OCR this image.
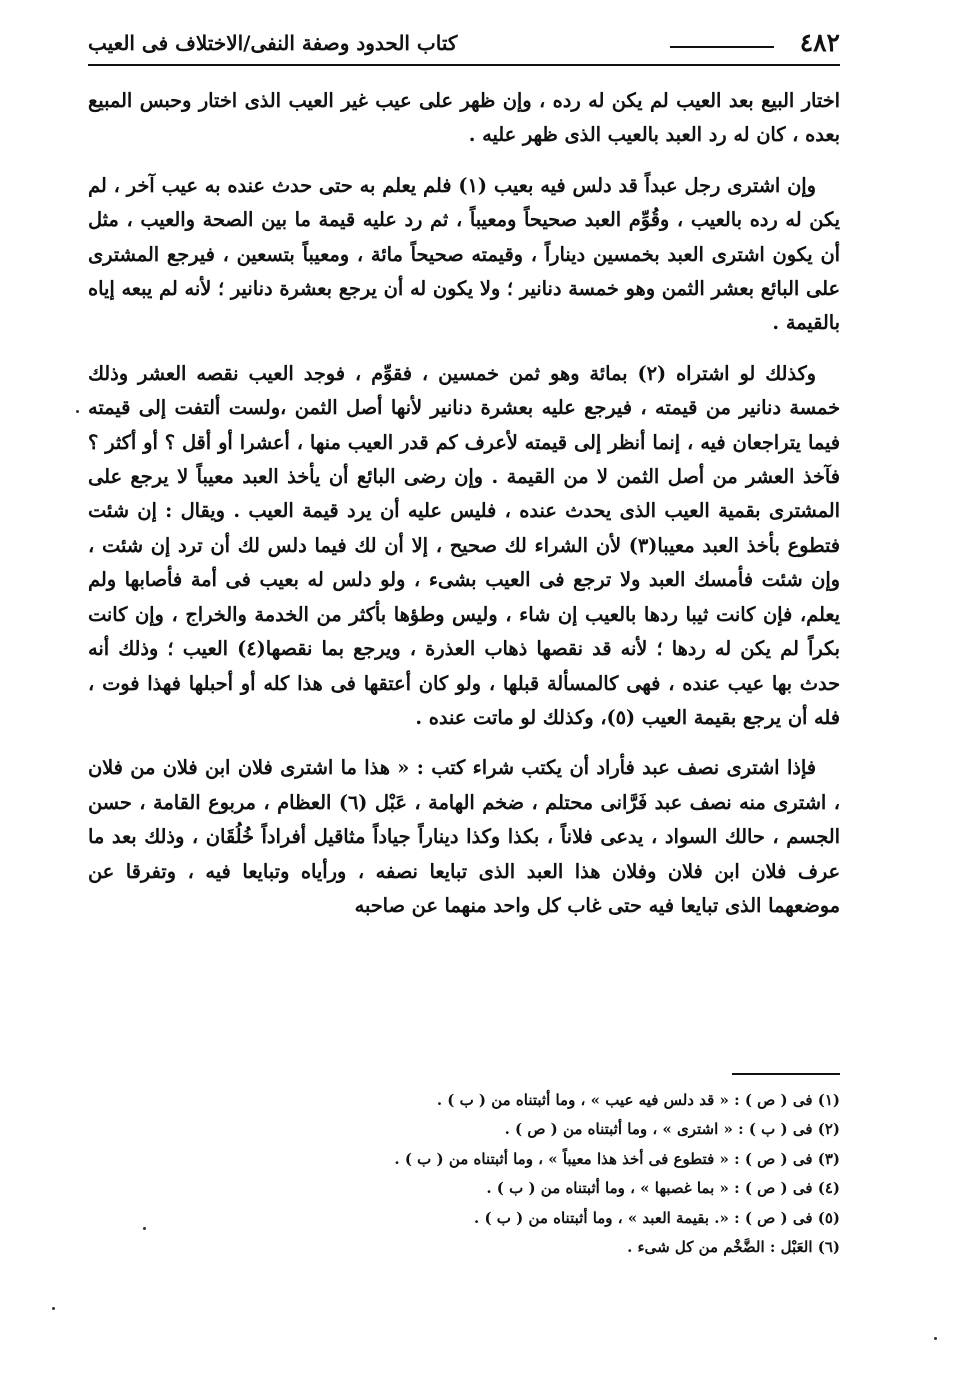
٤٨٢
كتاب الحدود وصفة النفى/الاختلاف فى العيب

اختار البيع بعد العيب لم يكن له رده ، وإن ظهر على عيب غير العيب الذى اختار وحبس المبيع بعده ، كان له رد العبد بالعيب الذى ظهر عليه .

وإن اشترى رجل عبداً قد دلس فيه بعيب (١) فلم يعلم به حتى حدث عنده به عيب آخر ، لم يكن له رده بالعيب ، وقُوِّم العبد صحيحاً ومعيباً ، ثم رد عليه قيمة ما بين الصحة والعيب ، مثل أن يكون اشترى العبد بخمسين ديناراً ، وقيمته صحيحاً مائة ، ومعيباً بتسعين ، فيرجع المشترى على البائع بعشر الثمن وهو خمسة دنانير ؛ ولا يكون له أن يرجع بعشرة دنانير ؛ لأنه لم يبعه إياه بالقيمة .

وكذلك لو اشتراه (٢) بمائة وهو ثمن خمسين ، فقوِّم ، فوجد العيب نقصه العشر وذلك خمسة دنانير من قيمته ، فيرجع عليه بعشرة دنانير لأنها أصل الثمن ،ولست ألتفت إلى قيمته فيما يتراجعان فيه ، إنما أنظر إلى قيمته لأعرف كم قدر العيب منها ، أعشرا أو أقل ؟ أو أكثر ؟ فآخذ العشر من أصل الثمن لا من القيمة . وإن رضى البائع أن يأخذ العبد معيباً لا يرجع على المشترى بقمية العيب الذى يحدث عنده ، فليس عليه أن يرد قيمة العيب . ويقال : إن شئت فتطوع بأخذ العبد معيبا(٣) لأن الشراء لك صحيح ، إلا أن لك فيما دلس لك أن ترد إن شئت ، وإن شئت فأمسك العبد ولا ترجع فى العيب بشىء ، ولو دلس له بعيب فى أمة فأصابها ولم يعلم، فإن كانت ثيبا ردها بالعيب إن شاء ، وليس وطؤها بأكثر من الخدمة والخراج ، وإن كانت بكراً لم يكن له ردها ؛ لأنه قد نقصها ذهاب العذرة ، ويرجع بما نقصها(٤) العيب ؛ وذلك أنه حدث بها عيب عنده ، فهى كالمسألة قبلها ، ولو كان أعتقها فى هذا كله أو أحبلها فهذا فوت ، فله أن يرجع بقيمة العيب (٥)، وكذلك لو ماتت عنده .

فإذا اشترى نصف عبد فأراد أن يكتب شراء كتب : « هذا ما اشترى فلان ابن فلان من فلان ، اشترى منه نصف عبد فَرَّانى محتلم ، ضخم الهامة ، عَبْل (٦) العظام ، مربوع القامة ، حسن الجسم ، حالك السواد ، يدعى فلاناً ، بكذا وكذا ديناراً جياداً مثاقيل أفراداً خُلُقَان ، وذلك بعد ما عرف فلان ابن فلان وفلان هذا العبد الذى تبايعا نصفه ، ورأياه وتبايعا فيه ، وتفرقا عن موضعهما الذى تبايعا فيه حتى غاب كل واحد منهما عن صاحبه

(١) فى ( ص ) : « قد دلس فيه عيب » ، وما أثبتناه من ( ب ) .
(٢) فى ( ب ) : « اشترى » ، وما أثبتناه من ( ص ) .
(٣) فى ( ص ) : « فتطوع فى أخذ هذا معيباً » ، وما أثبتناه من ( ب ) .
(٤) فى ( ص ) : « بما غصبها » ، وما أثبتناه من ( ب ) .
(٥) فى ( ص ) : «. بقيمة العبد » ، وما أثبتناه من ( ب ) .
(٦) العَبْل : الضَّخْم من كل شىء .
